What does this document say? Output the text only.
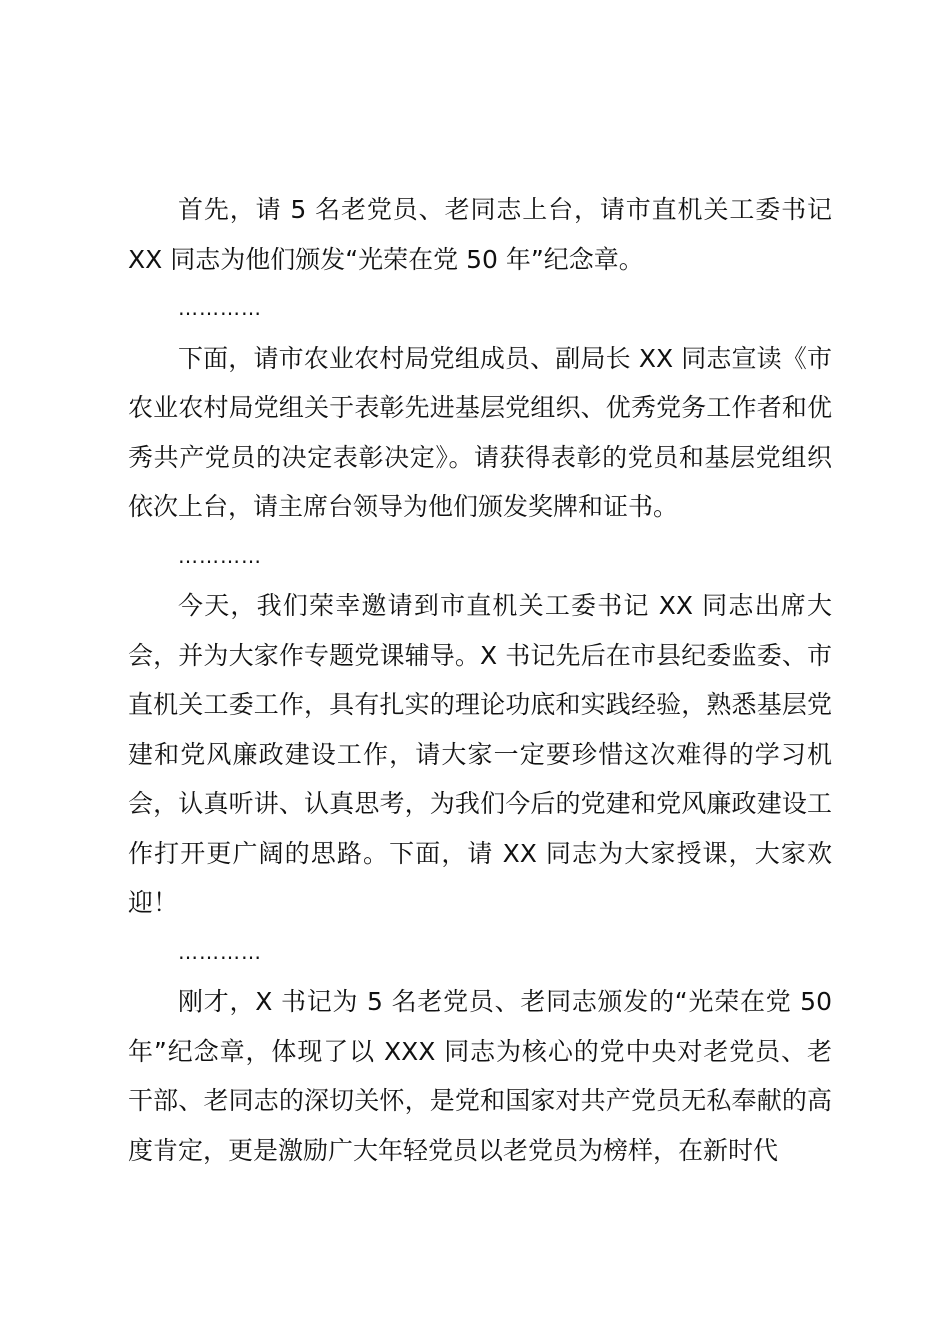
首先，请 5 名老党员、老同志上台，请市直机关工委书记 XX 同志为他们颁发“光荣在党 50 年”纪念章。

…………

下面，请市农业农村局党组成员、副局长 XX 同志宣读《市农业农村局党组关于表彰先进基层党组织、优秀党务工作者和优秀共产党员的决定表彰决定》。请获得表彰的党员和基层党组织依次上台，请主席台领导为他们颁发奖牌和证书。

…………

今天，我们荣幸邀请到市直机关工委书记 XX 同志出席大会，并为大家作专题党课辅导。X 书记先后在市县纪委监委、市直机关工委工作，具有扎实的理论功底和实践经验，熟悉基层党建和党风廉政建设工作，请大家一定要珍惜这次难得的学习机会，认真听讲、认真思考，为我们今后的党建和党风廉政建设工作打开更广阔的思路。下面，请 XX 同志为大家授课，大家欢迎！

…………

刚才，X 书记为 5 名老党员、老同志颁发的“光荣在党 50 年”纪念章，体现了以 XXX 同志为核心的党中央对老党员、老干部、老同志的深切关怀，是党和国家对共产党员无私奉献的高度肯定，更是激励广大年轻党员以老党员为榜样，在新时代
